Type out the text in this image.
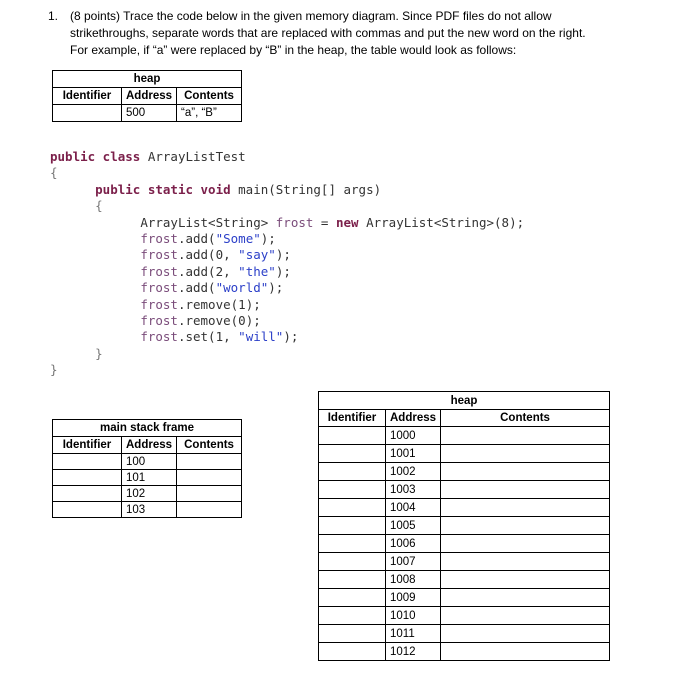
1. (8 points) Trace the code below in the given memory diagram. Since PDF files do not allow
strikethroughs, separate words that are replaced with commas and put the new word on the right.
For example, if “a” were replaced by “B” in the heap, the table would look as follows:
heap		
Identifier	Address	Contents
	500	“a”, “B”
public class ArrayListTest
{
public static void main(String[] args)
{
ArrayList<String> frost = new ArrayList<String>(8);
frost.add("Some");
frost.add(0, "say");
frost.add(2, "the");
frost.add("world");
frost.remove(1);
frost.remove(0);
frost.set(1, "will");
}
}
main stack frame		
Identifier	Address	Contents
	100	
	101	
	102	
	103	
heap		
Identifier	Address	Contents
	1000	
	1001	
	1002	
	1003	
	1004	
	1005	
	1006	
	1007	
	1008	
	1009	
	1010	
	1011	
	1012	
